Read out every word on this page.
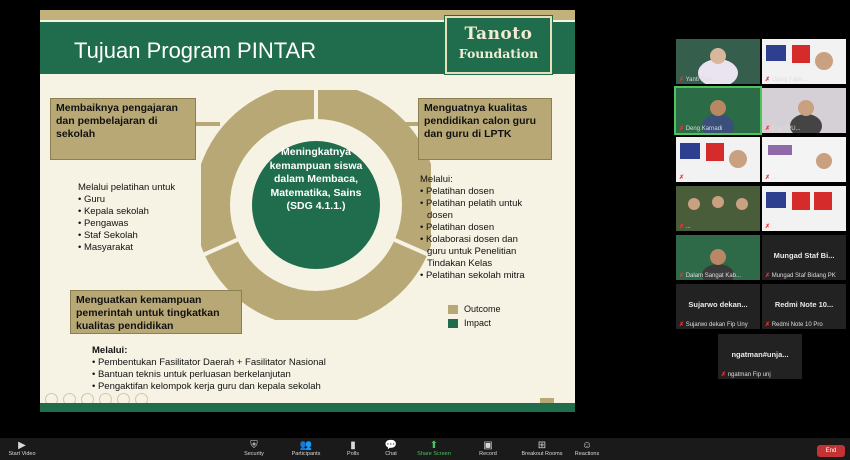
Tujuan Program PINTAR
Tanoto
Foundation
Meningkatnya kemampuan siswa dalam Membaca, Matematika, Sains (SDG 4.1.1.)
Membaiknya pengajaran dan pembelajaran di sekolah
Menguatnya kualitas pendidikan calon guru dan guru di LPTK
Menguatkan kemampuan pemerintah untuk tingkatkan kualitas pendidikan
Melalui pelatihan untuk
• Guru
• Kepala sekolah
• Pengawas
• Staf Sekolah
• Masyarakat
Melalui:
• Pelatihan dosen
• Pelatihan pelatih untuk dosen
• Pelatihan dosen
• Kolaborasi dosen dan guru untuk Penelitian Tindakan Kelas
• Pelatihan sekolah mitra
Outcome
Impact
Melalui:
• Pembentukan Fasilitator Daerah + Fasilitator Nasional
• Bantuan teknis untuk perluasan berkelanjutan
• Pengaktifan kelompok kerja guru dan kepala sekolah
✗ Yanti Dian...	✗ Ujang Fajar...
✗ Deng Karnadi	✗ Esa TPU...
✗ ...	✗ ...
✗ ...	✗ ...
✗ Dalam Sangat Kab...
Mungad Staf Bi...
✗ Mungad Staf Bidang PK
Sujarwo dekan...
✗ Sujarwo dekan Fip Uny
Redmi Note 10...
✗ Redmi Note 10 Pro
ngatman#unja...
✗ ngatman Fip unj
▶
Start Video
⛨
Security
👥
Participants
▮
Polls
💬
Chat
⬆
Share Screen
▣
Record
⊞
Breakout Rooms
☺
Reactions	End
